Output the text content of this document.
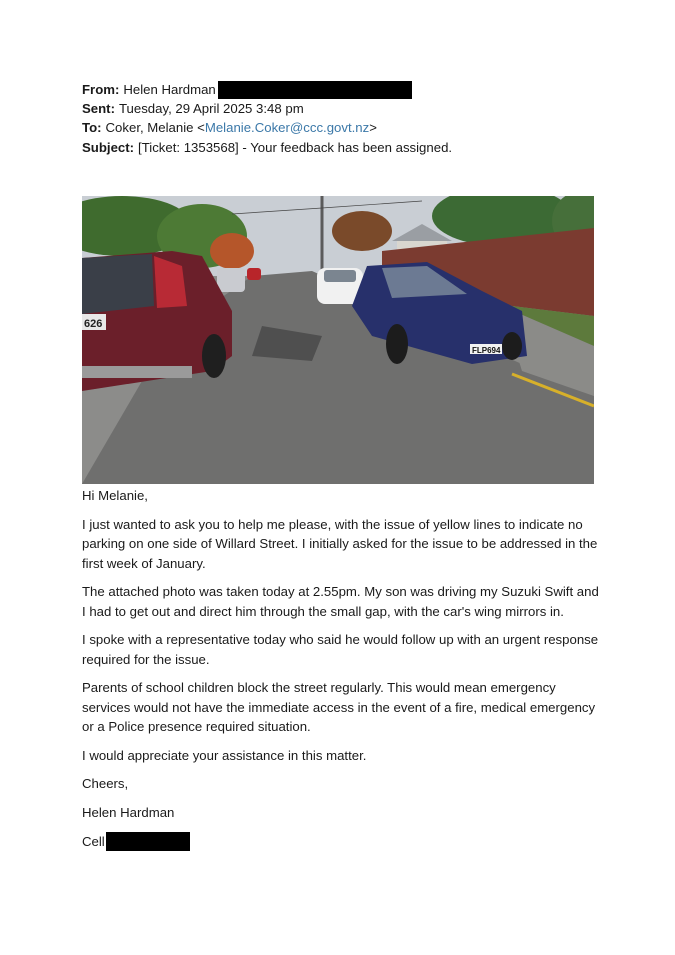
From: Helen Hardman
Sent: Tuesday, 29 April 2025 3:48 pm
To: Coker, Melanie < Melanie.Coker@ccc.govt.nz >
Subject: [Ticket: 1353568] - Your feedback has been assigned.
626
FLP694

Hi Melanie,

I just wanted to ask you to help me please, with the issue of yellow lines to indicate no parking on one side of Willard Street. I initially asked for the issue to be addressed in the first week of January.

The attached photo was taken today at 2.55pm. My son was driving my Suzuki Swift and I had to get out and direct him through the small gap, with the car's wing mirrors in.

I spoke with a representative today who said he would follow up with an urgent response required for the issue.

Parents of school children block the street regularly. This would mean emergency services would not have the immediate access in the event of a fire, medical emergency or a Police presence required situation.

I would appreciate your assistance in this matter.

Cheers,

Helen Hardman

Cell
